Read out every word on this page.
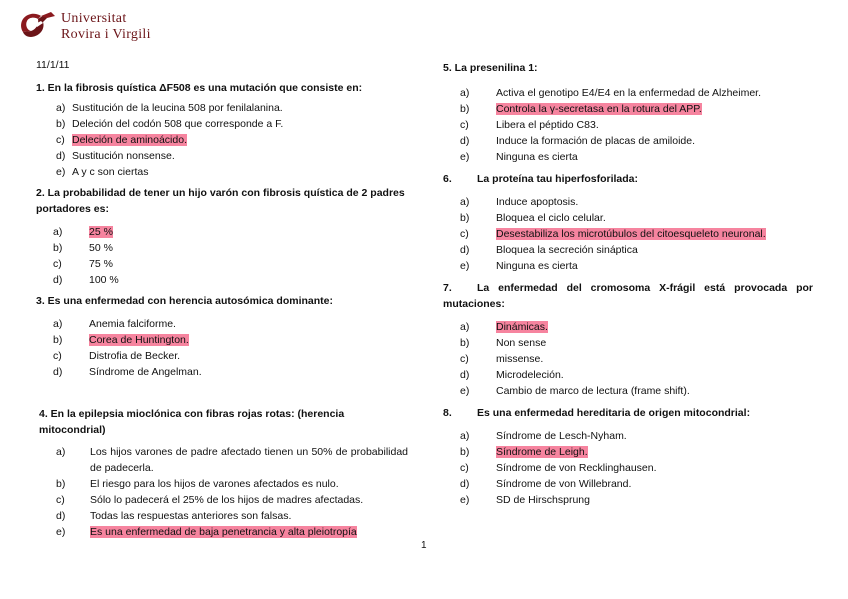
Universitat
Rovira i Virgili

11/1/11

1. En la fibrosis quística ΔF508 es una mutación que consiste en:

a) Sustitución de la leucina 508 por fenilalanina.
b) Deleción del codón 508 que corresponde a F.
c) Deleción de aminoácido.
d) Sustitución nonsense.
e) A y c son ciertas

2. La probabilidad de tener un hijo varón con fibrosis quística de 2 padres portadores es:

a)	25 %
b)	50 %
c)	75 %
d)	100 %

3. Es una enfermedad con herencia autosómica dominante:

a)	Anemia falciforme.
b)	Corea de Huntington.
c)	Distrofia de Becker.
d)	Síndrome de Angelman.

4. En la epilepsia mioclónica con fibras rojas rotas: (herencia mitocondrial)

a)	Los hijos varones de padre afectado tienen un 50% de probabilidad de padecerla.
b)	El riesgo para los hijos de varones afectados es nulo.
c)	Sólo lo padecerá el 25% de los hijos de madres afectadas.
d)	Todas las respuestas anteriores son falsas.
e)	Es una enfermedad de baja penetrancia y alta pleiotropía

5. La presenilina 1:

a)	Activa el genotipo E4/E4 en la enfermedad de Alzheimer.
b)	Controla la γ-secretasa en la rotura del APP.
c)	Libera el péptido C83.
d)	Induce la formación de placas de amiloide.
e)	Ninguna es cierta

6. La proteína tau hiperfosforilada:

a)	Induce apoptosis.
b)	Bloquea el ciclo celular.
c)	Desestabiliza los microtúbulos del citoesqueleto neuronal.
d)	Bloquea la secreción sináptica
e)	Ninguna es cierta

7. La enfermedad del cromosoma X-frágil está provocada por mutaciones:

a)	Dinámicas.
b)	Non sense
c)	missense.
d)	Microdeleción.
e)	Cambio de marco de lectura (frame shift).

8. Es una enfermedad hereditaria de origen mitocondrial:

a)	Síndrome de Lesch-Nyham.
b)	Síndrome de Leigh.
c)	Síndrome de von Recklinghausen.
d)	Síndrome de von Willebrand.
e)	SD de Hirschsprung
1
